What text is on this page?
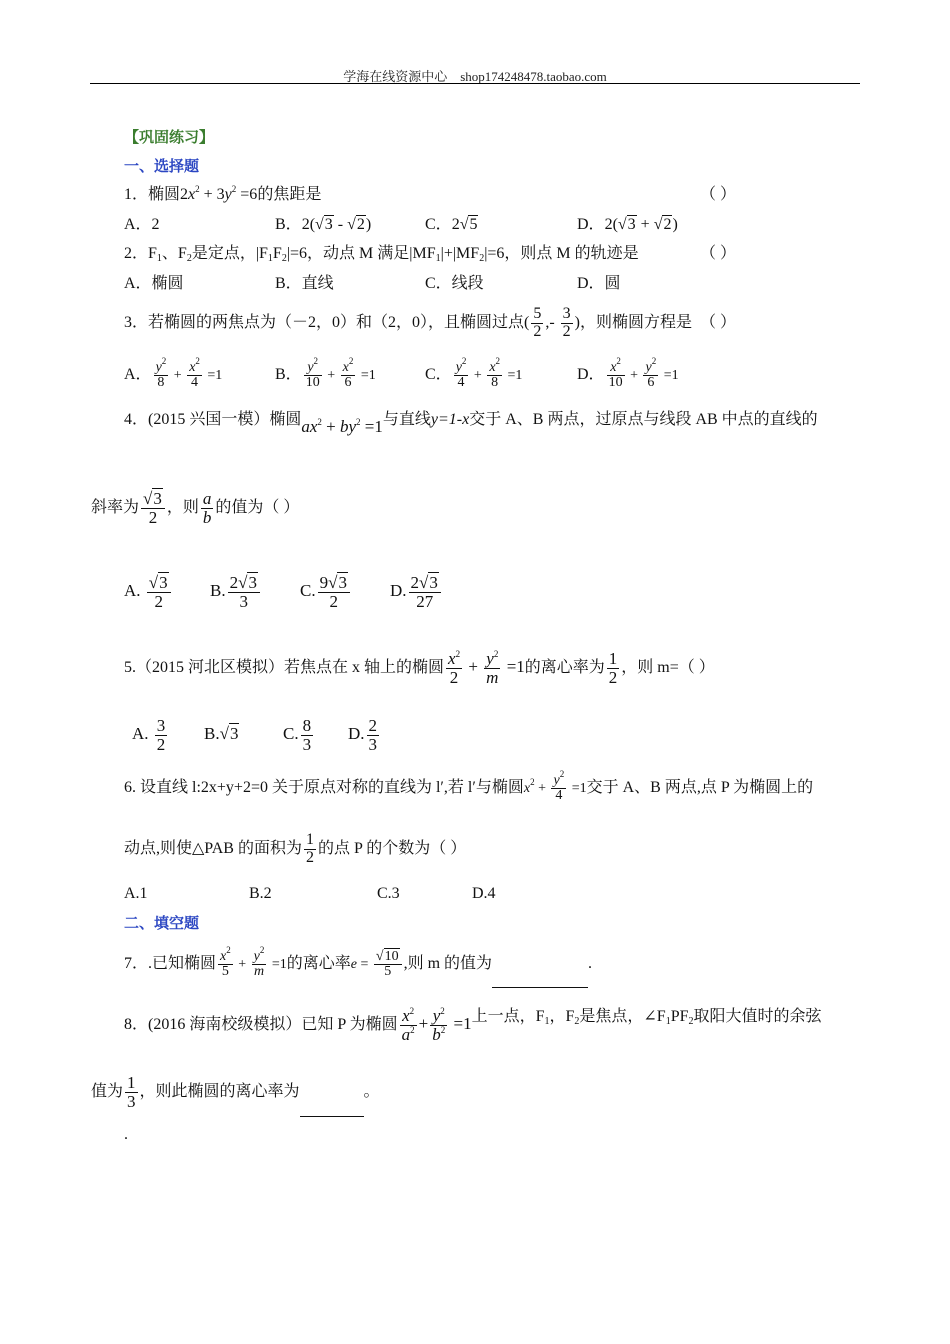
学海在线资源中心 shop174248478.taobao.com
【巩固练习】
一、选择题
1．椭圆$2x^2 + 3y^2 =6$的焦距是	（ ）
A．2	B．2(√3 - √2)	C．2√5	D．2(√3 + √2)
2．$F_1$、$F_2$是定点，$|F_1F_2|=6$，动点 M 满足$|MF_1|+|MF_2|=6$，则点 M 的轨迹是	（ ）
A．椭圆	B．直线	C．线段	D．圆
3．若椭圆的两焦点为（－2，0）和（2，0），且椭圆过点( $\frac{5}{2}$ ,- $\frac{3}{2}$ )，则椭圆方程是 （ ）
A． $\frac{y^2}{8} + \frac{x^2}{4} =1$	B． $\frac{y^2}{10} + \frac{x^2}{6} =1$	C． $\frac{y^2}{4} + \frac{x^2}{8} =1$	D． $\frac{x^2}{10} + \frac{y^2}{6} =1$
4．(2015 兴国一模）椭圆$ax^2 + by^2 =1$与直线y=1-x交于 A、B 两点，过原点与线段 AB 中点的直线的
斜率为 $\frac{√3}{2}$ ，则 $\frac{a}{b}$ 的值为（ ）
A. $\frac{√3}{2} B$. $\frac{2√3}{3} C$. $\frac{9√3}{2} D$. $\frac{2√3}{27}$
5.（2015 河北区模拟）若焦点在 x 轴上的椭圆 $\frac{x^2}{2} + \frac{y^2}{m} =1$的离心率为 $\frac{1}{2}$ ，则 m=（ ）
A. $\frac{3}{2} B.√3$	C. $\frac{8}{3} D$. $\frac{2}{3}$
6. 设直线 l:2x+y+2=0 关于原点对称的直线为 l′,若 l′与椭圆$x^2 + \frac{y^2}{4} =1$交于 A、B 两点,点 P 为椭圆上的
动点,则使△PAB 的面积为 $\frac{1}{2}$ 的点 P 的个数为（ ）
A.1	B.2	C.3	D.4
二、填空题
7．.已知椭圆 $\frac{x^2}{5} + \frac{y^2}{m} =1$的离心率$e = \frac{√10}{5}$ ,则 m 的值为	.
8．(2016 海南校级模拟）已知 P 为椭圆 $\frac{x^2}{a^2} + \frac{y^2}{b^2} =1$上一点，$F_1$，$F_2$是焦点，$\angle F_1PF_2$取阳大值时的余弦
值为 $\frac{1}{3}$ ，则此椭圆的离心率为	。
.
